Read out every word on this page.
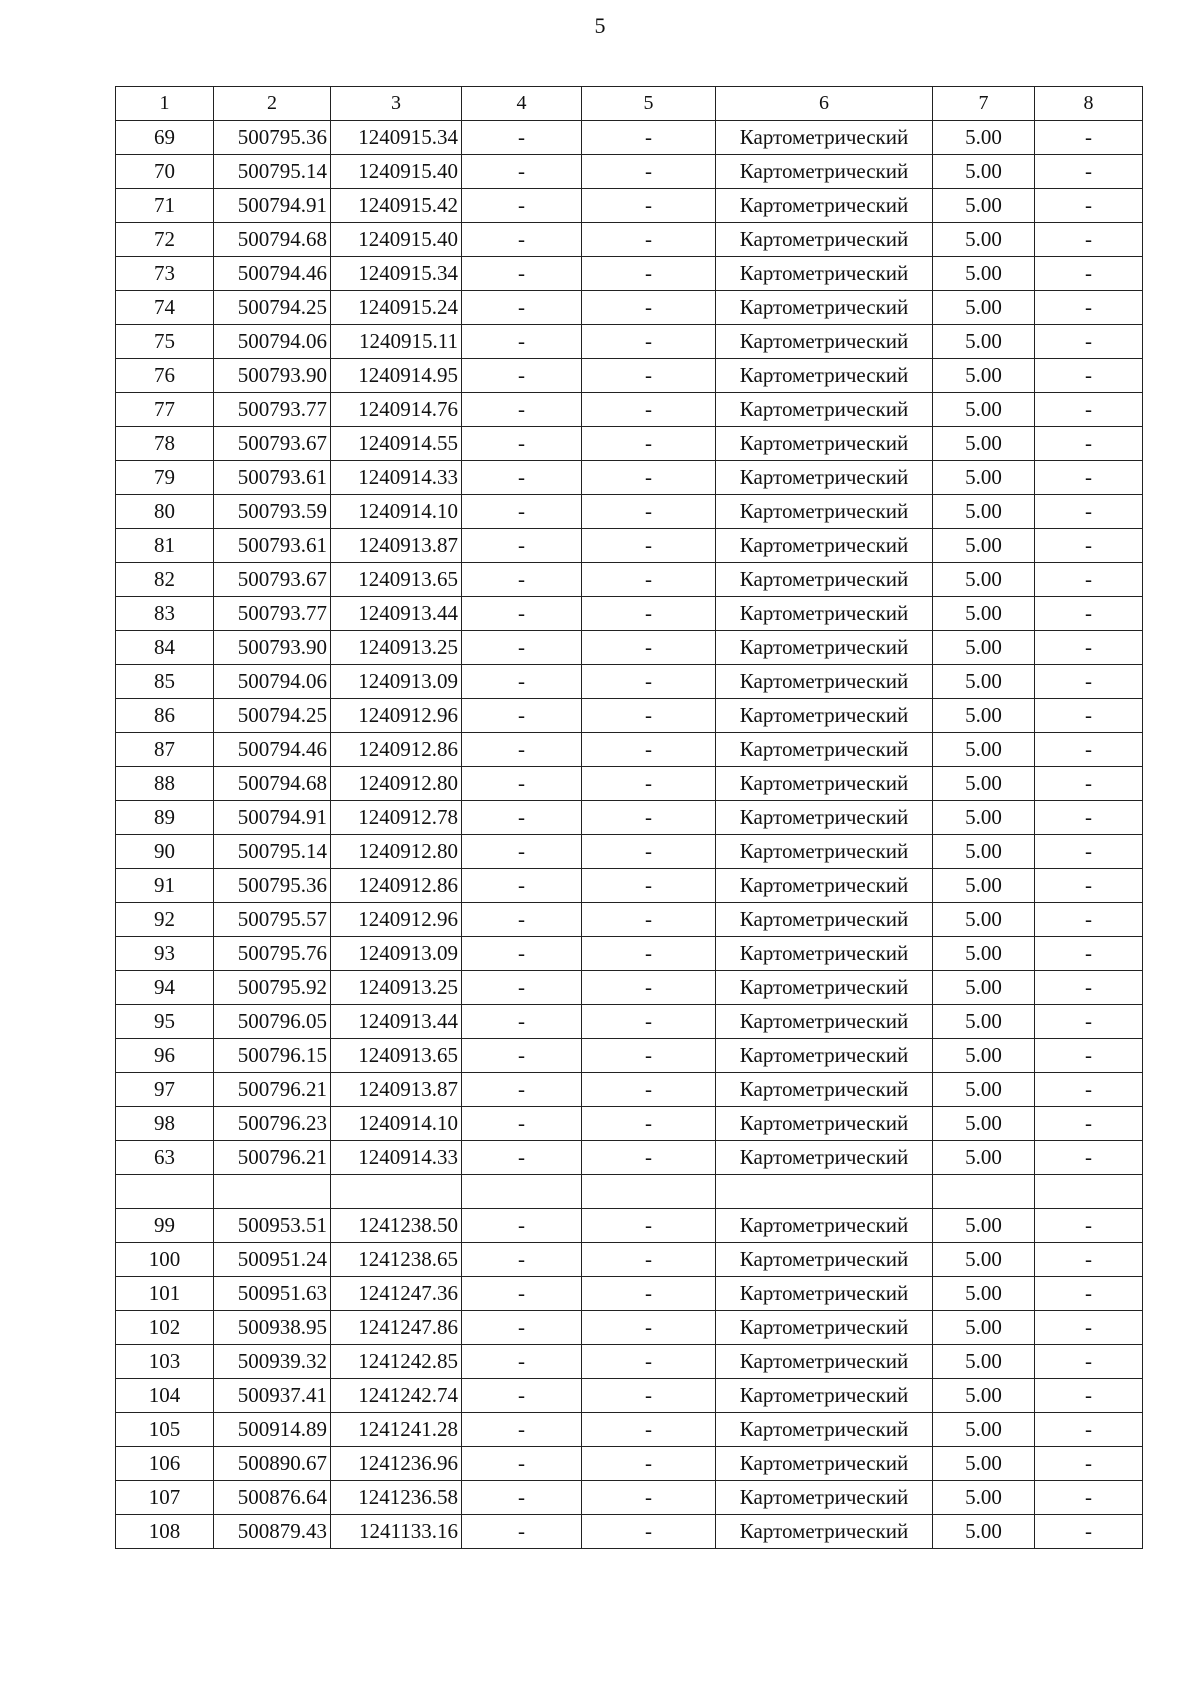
5
1	2	3	4	5	6	7	8
69	500795.36	1240915.34	-	-	Картометрический	5.00	-
70	500795.14	1240915.40	-	-	Картометрический	5.00	-
71	500794.91	1240915.42	-	-	Картометрический	5.00	-
72	500794.68	1240915.40	-	-	Картометрический	5.00	-
73	500794.46	1240915.34	-	-	Картометрический	5.00	-
74	500794.25	1240915.24	-	-	Картометрический	5.00	-
75	500794.06	1240915.11	-	-	Картометрический	5.00	-
76	500793.90	1240914.95	-	-	Картометрический	5.00	-
77	500793.77	1240914.76	-	-	Картометрический	5.00	-
78	500793.67	1240914.55	-	-	Картометрический	5.00	-
79	500793.61	1240914.33	-	-	Картометрический	5.00	-
80	500793.59	1240914.10	-	-	Картометрический	5.00	-
81	500793.61	1240913.87	-	-	Картометрический	5.00	-
82	500793.67	1240913.65	-	-	Картометрический	5.00	-
83	500793.77	1240913.44	-	-	Картометрический	5.00	-
84	500793.90	1240913.25	-	-	Картометрический	5.00	-
85	500794.06	1240913.09	-	-	Картометрический	5.00	-
86	500794.25	1240912.96	-	-	Картометрический	5.00	-
87	500794.46	1240912.86	-	-	Картометрический	5.00	-
88	500794.68	1240912.80	-	-	Картометрический	5.00	-
89	500794.91	1240912.78	-	-	Картометрический	5.00	-
90	500795.14	1240912.80	-	-	Картометрический	5.00	-
91	500795.36	1240912.86	-	-	Картометрический	5.00	-
92	500795.57	1240912.96	-	-	Картометрический	5.00	-
93	500795.76	1240913.09	-	-	Картометрический	5.00	-
94	500795.92	1240913.25	-	-	Картометрический	5.00	-
95	500796.05	1240913.44	-	-	Картометрический	5.00	-
96	500796.15	1240913.65	-	-	Картометрический	5.00	-
97	500796.21	1240913.87	-	-	Картометрический	5.00	-
98	500796.23	1240914.10	-	-	Картометрический	5.00	-
63	500796.21	1240914.33	-	-	Картометрический	5.00	-

99	500953.51	1241238.50	-	-	Картометрический	5.00	-
100	500951.24	1241238.65	-	-	Картометрический	5.00	-
101	500951.63	1241247.36	-	-	Картометрический	5.00	-
102	500938.95	1241247.86	-	-	Картометрический	5.00	-
103	500939.32	1241242.85	-	-	Картометрический	5.00	-
104	500937.41	1241242.74	-	-	Картометрический	5.00	-
105	500914.89	1241241.28	-	-	Картометрический	5.00	-
106	500890.67	1241236.96	-	-	Картометрический	5.00	-
107	500876.64	1241236.58	-	-	Картометрический	5.00	-
108	500879.43	1241133.16	-	-	Картометрический	5.00	-
